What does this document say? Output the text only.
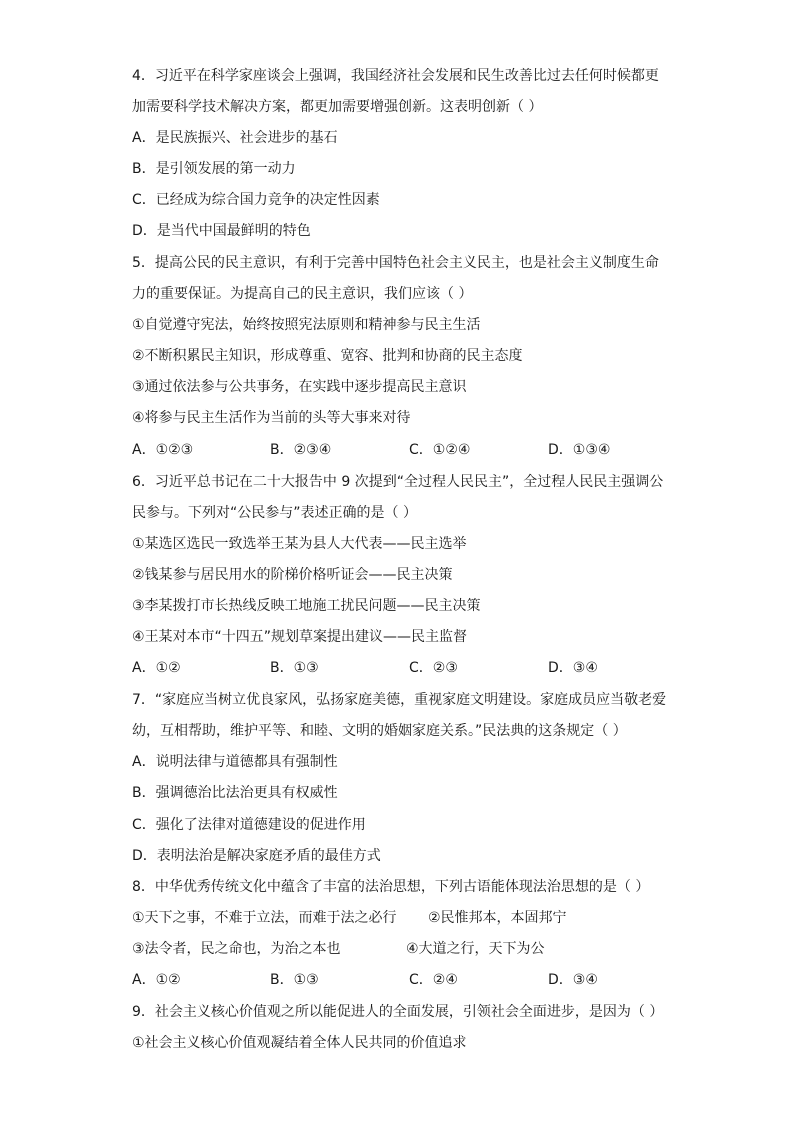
4．习近平在科学家座谈会上强调，我国经济社会发展和民生改善比过去任何时候都更
加需要科学技术解决方案，都更加需要增强创新。这表明创新（ ）
A．是民族振兴、社会进步的基石
B．是引领发展的第一动力
C．已经成为综合国力竞争的决定性因素
D．是当代中国最鲜明的特色
5．提高公民的民主意识，有利于完善中国特色社会主义民主，也是社会主义制度生命
力的重要保证。为提高自己的民主意识，我们应该（ ）
①自觉遵守宪法，始终按照宪法原则和精神参与民主生活
②不断积累民主知识，形成尊重、宽容、批判和协商的民主态度
③通过依法参与公共事务，在实践中逐步提高民主意识
④将参与民主生活作为当前的头等大事来对待
A．①②③	B．②③④	C．①②④	D．①③④
6．习近平总书记在二十大报告中 9 次提到“全过程人民民主”，全过程人民民主强调公
民参与。下列对“公民参与”表述正确的是（ ）
①某选区选民一致选举王某为县人大代表——民主选举
②钱某参与居民用水的阶梯价格听证会——民主决策
③李某拨打市长热线反映工地施工扰民问题——民主决策
④王某对本市“十四五”规划草案提出建议——民主监督
A．①②	B．①③	C．②③	D．③④
7．“家庭应当树立优良家风，弘扬家庭美德，重视家庭文明建设。家庭成员应当敬老爱
幼，互相帮助，维护平等、和睦、文明的婚姻家庭关系。”民法典的这条规定（ ）
A．说明法律与道德都具有强制性
B．强调德治比法治更具有权威性
C．强化了法律对道德建设的促进作用
D．表明法治是解决家庭矛盾的最佳方式
8．中华优秀传统文化中蕴含了丰富的法治思想，下列古语能体现法治思想的是（ ）
①天下之事，不难于立法，而难于法之必行 ②民惟邦本，本固邦宁
③法令者，民之命也，为治之本也	④大道之行，天下为公
A．①②	B．①③	C．②④	D．③④
9．社会主义核心价值观之所以能促进人的全面发展，引领社会全面进步，是因为（ ）
①社会主义核心价值观凝结着全体人民共同的价值追求
